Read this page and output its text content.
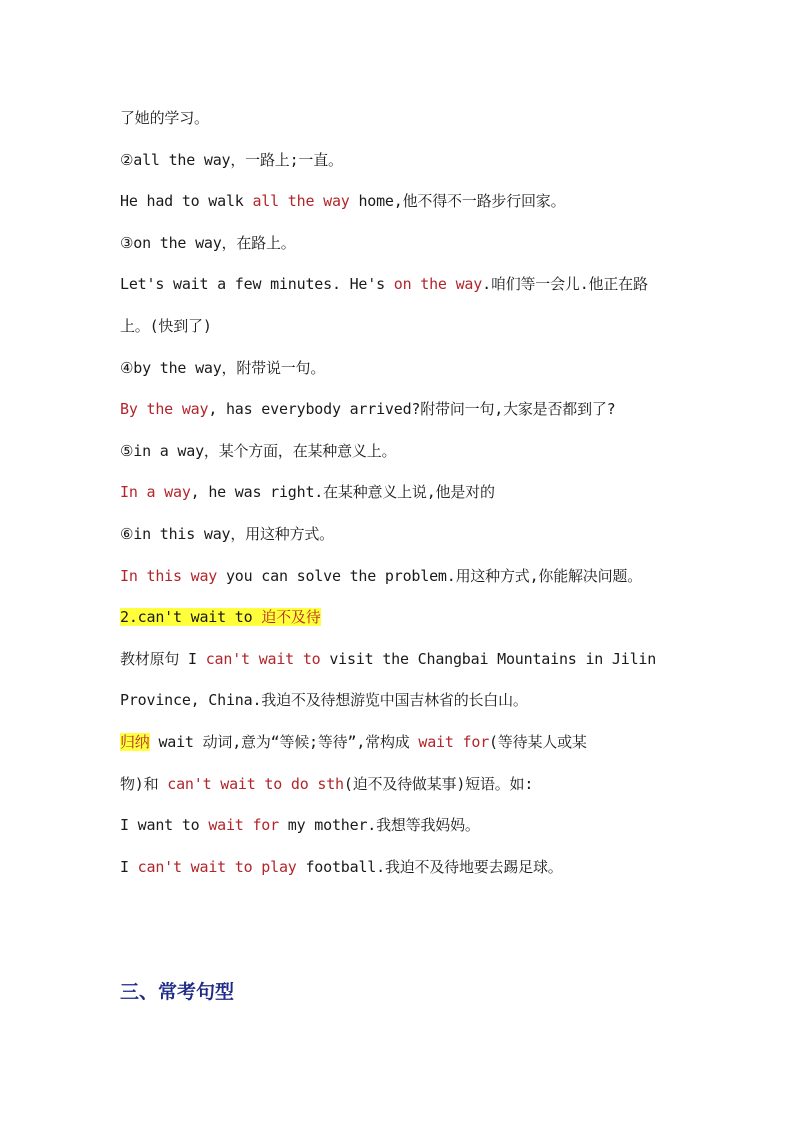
了她的学习。
②all the way，一路上;一直。
He had to walk all the way home,他不得不一路步行回家。
③on the way，在路上。
Let's wait a few minutes. He's on the way.咱们等一会儿.他正在路
上。(快到了)
④by the way，附带说一句。
By the way, has everybody arrived?附带问一句,大家是否都到了?
⑤in a way，某个方面，在某种意义上。
In a way, he was right.在某种意义上说,他是对的
⑥in this way，用这种方式。
In this way you can solve the problem.用这种方式,你能解决问题。
2.can't wait to 迫不及待
教材原句 I can't wait to visit the Changbai Mountains in Jilin
Province, China.我迫不及待想游览中国吉林省的长白山。
归纳 wait 动词,意为“等候;等待”,常构成 wait for(等待某人或某
物)和 can't wait to do sth(迫不及待做某事)短语。如:
I want to wait for my mother.我想等我妈妈。
I can't wait to play football.我迫不及待地要去踢足球。
三、常考句型
